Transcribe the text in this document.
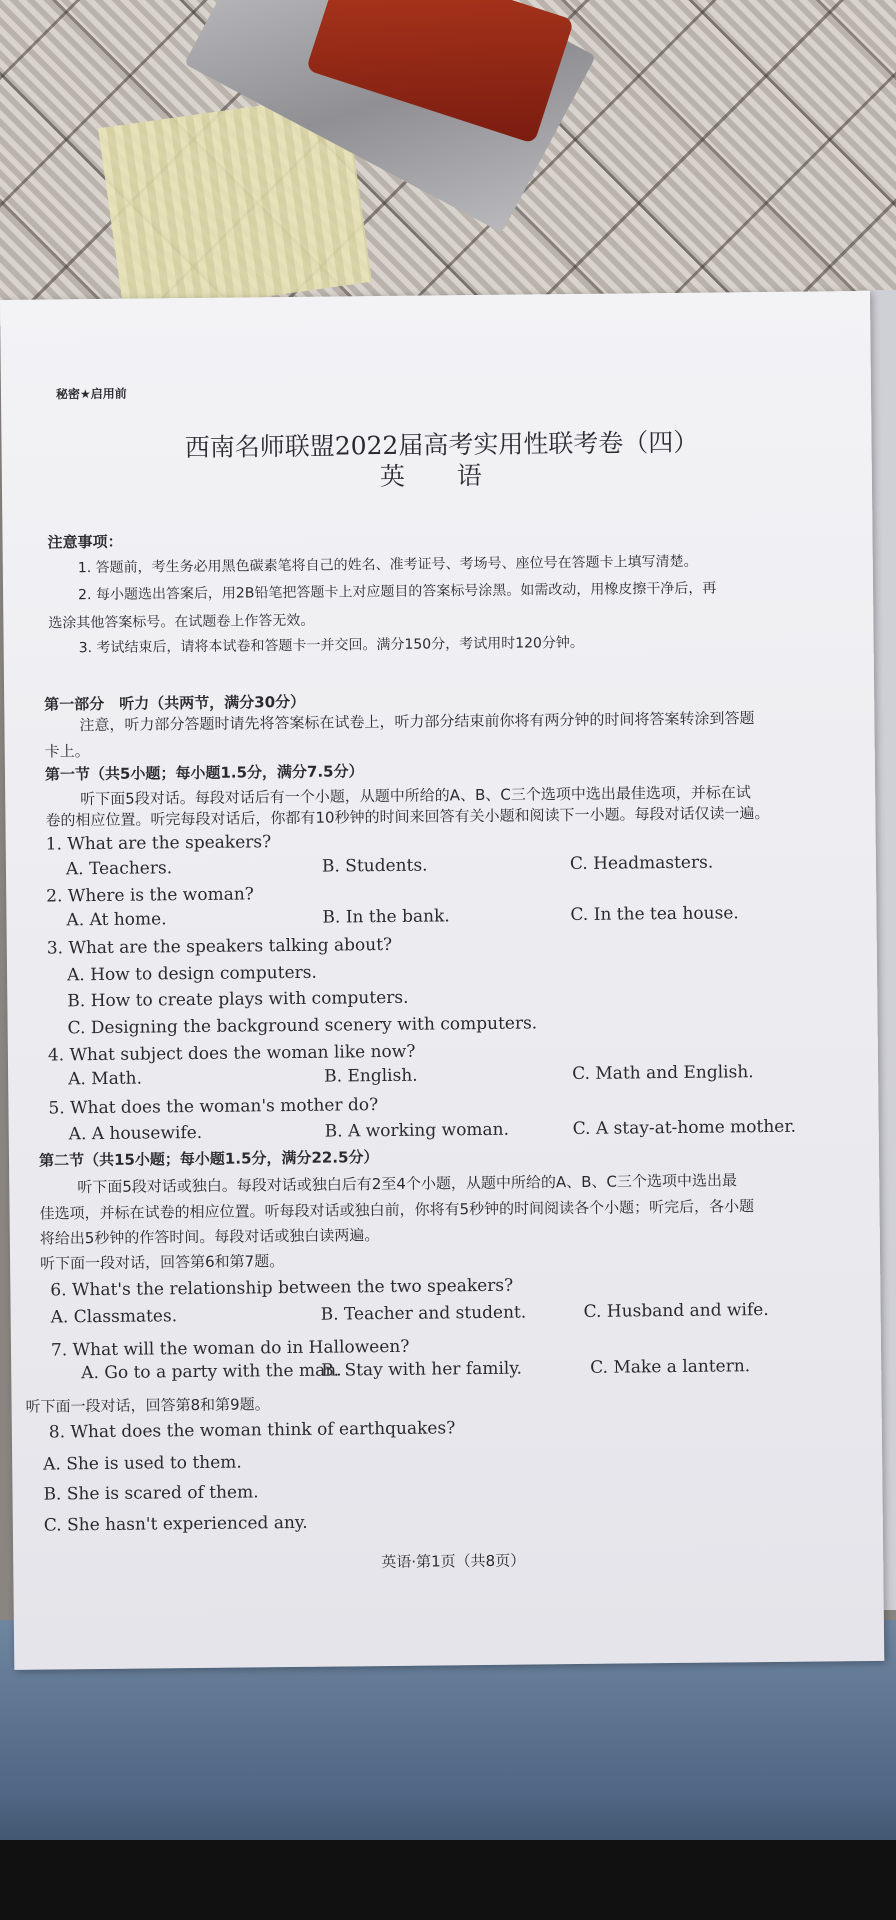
秘密★启用前
西南名师联盟2022届高考实用性联考卷（四）
英 语
注意事项：
1. 答题前，考生务必用黑色碳素笔将自己的姓名、准考证号、考场号、座位号在答题卡上填写清楚。
2. 每小题选出答案后，用2B铅笔把答题卡上对应题目的答案标号涂黑。如需改动，用橡皮擦干净后，再
选涂其他答案标号。在试题卷上作答无效。
3. 考试结束后，请将本试卷和答题卡一并交回。满分150分，考试用时120分钟。
第一部分　听力（共两节，满分30分）
注意，听力部分答题时请先将答案标在试卷上，听力部分结束前你将有两分钟的时间将答案转涂到答题
卡上。
第一节（共5小题；每小题1.5分，满分7.5分）
听下面5段对话。每段对话后有一个小题，从题中所给的A、B、C三个选项中选出最佳选项，并标在试
卷的相应位置。听完每段对话后，你都有10秒钟的时间来回答有关小题和阅读下一小题。每段对话仅读一遍。
1. What are the speakers?
A. Teachers.	B. Students.	C. Headmasters.
2. Where is the woman?
A. At home.	B. In the bank.	C. In the tea house.
3. What are the speakers talking about?
A. How to design computers.
B. How to create plays with computers.
C. Designing the background scenery with computers.
4. What subject does the woman like now?
A. Math.	B. English.	C. Math and English.
5. What does the woman's mother do?
A. A housewife.	B. A working woman.	C. A stay-at-home mother.
6. What's the relationship between the two speakers?
A. Classmates.	B. Teacher and student.	C. Husband and wife.
7. What will the woman do in Halloween?
A. Go to a party with the man.
B. Stay with her family.	C. Make a lantern.
8. What does the woman think of earthquakes?
A. She is used to them.
B. She is scared of them.
C. She hasn't experienced any.
第二节（共15小题；每小题1.5分，满分22.5分）
听下面5段对话或独白。每段对话或独白后有2至4个小题，从题中所给的A、B、C三个选项中选出最
佳选项，并标在试卷的相应位置。听每段对话或独白前，你将有5秒钟的时间阅读各个小题；听完后，各小题
将给出5秒钟的作答时间。每段对话或独白读两遍。
听下面一段对话，回答第6和第7题。
听下面一段对话，回答第8和第9题。
英语·第1页（共8页）
